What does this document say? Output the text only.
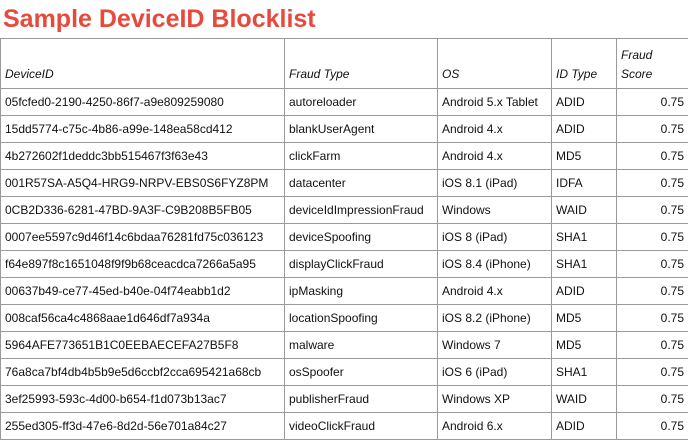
Sample DeviceID Blocklist
DeviceID	Fraud Type	OS	ID Type	Fraud Score
05fcfed0-2190-4250-86f7-a9e809259080	autoreloader	Android 5.x Tablet	ADID	0.75
15dd5774-c75c-4b86-a99e-148ea58cd412	blankUserAgent	Android 4.x	ADID	0.75
4b272602f1deddc3bb515467f3f63e43	clickFarm	Android 4.x	MD5	0.75
001R57SA-A5Q4-HRG9-NRPV-EBS0S6FYZ8PM	datacenter	iOS 8.1 (iPad)	IDFA	0.75
0CB2D336-6281-47BD-9A3F-C9B208B5FB05	deviceIdImpressionFraud	Windows	WAID	0.75
0007ee5597c9d46f14c6bdaa76281fd75c036123	deviceSpoofing	iOS 8 (iPad)	SHA1	0.75
f64e897f8c1651048f9f9b68ceacdca7266a5a95	displayClickFraud	iOS 8.4 (iPhone)	SHA1	0.75
00637b49-ce77-45ed-b40e-04f74eabb1d2	ipMasking	Android 4.x	ADID	0.75
008caf56ca4c4868aae1d646df7a934a	locationSpoofing	iOS 8.2 (iPhone)	MD5	0.75
5964AFE773651B1C0EEBAECEFA27B5F8	malware	Windows 7	MD5	0.75
76a8ca7bf4db4b5b9e5d6ccbf2cca695421a68cb	osSpoofer	iOS 6 (iPad)	SHA1	0.75
3ef25993-593c-4d00-b654-f1d073b13ac7	publisherFraud	Windows XP	WAID	0.75
255ed305-ff3d-47e6-8d2d-56e701a84c27	videoClickFraud	Android 6.x	ADID	0.75
